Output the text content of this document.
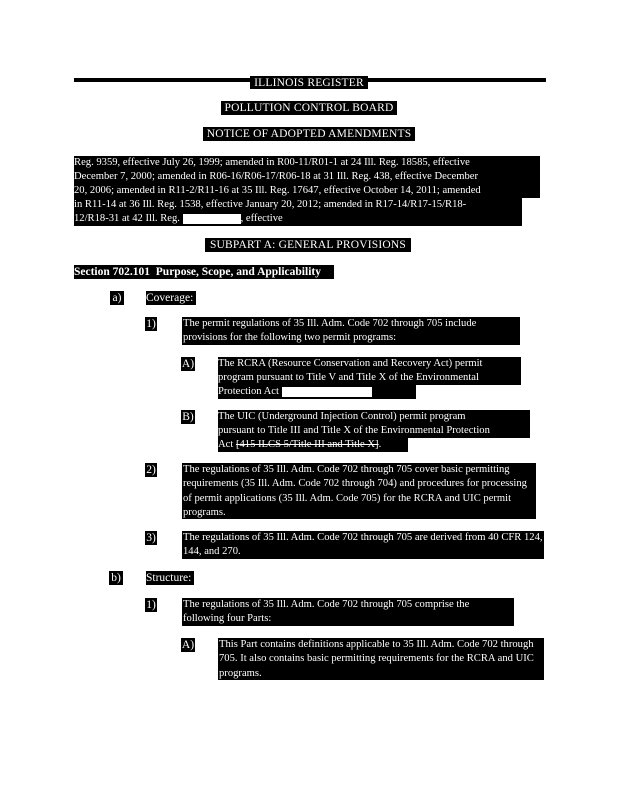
ILLINOIS REGISTER
POLLUTION CONTROL BOARD
NOTICE OF ADOPTED AMENDMENTS
Reg. 9359, effective July 26, 1999; amended in R00-11/R01-1 at 24 Ill. Reg. 18585, effective
December 7, 2000; amended in R06-16/R06-17/R06-18 at 31 Ill. Reg. 438, effective December
20, 2006; amended in R11-2/R11-16 at 35 Ill. Reg. 17647, effective October 14, 2011; amended
in R11-14 at 36 Ill. Reg. 1538, effective January 20, 2012; amended in R17-14/R17-15/R18-
12/R18-31 at 42 Ill. Reg.	, effective
SUBPART A: GENERAL PROVISIONS
Section 702.101 Purpose, Scope, and Applicability
a) Coverage:
1)	The permit regulations of 35 Ill. Adm. Code 702 through 705 include provisions for the following two permit programs:
A) The RCRA (Resource Conservation and Recovery Act) permit
program pursuant to Title V and Title X of the Environmental
Protection Act
B) The UIC (Underground Injection Control) permit program
pursuant to Title III and Title X of the Environmental Protection
Act [415 ILCS 5/Title III and Title X].
2)	The regulations of 35 Ill. Adm. Code 702 through 705 cover basic permitting requirements (35 Ill. Adm. Code 702 through 704) and procedures for processing of permit applications (35 Ill. Adm. Code 705) for the RCRA and UIC permit programs.
3)	The regulations of 35 Ill. Adm. Code 702 through 705 are derived from 40 CFR 124, 144, and 270.
b) Structure:
1)	The regulations of 35 Ill. Adm. Code 702 through 705 comprise the following four Parts:
A) This Part contains definitions applicable to 35 Ill. Adm. Code 702 through 705. It also contains basic permitting requirements for the RCRA and UIC programs.
